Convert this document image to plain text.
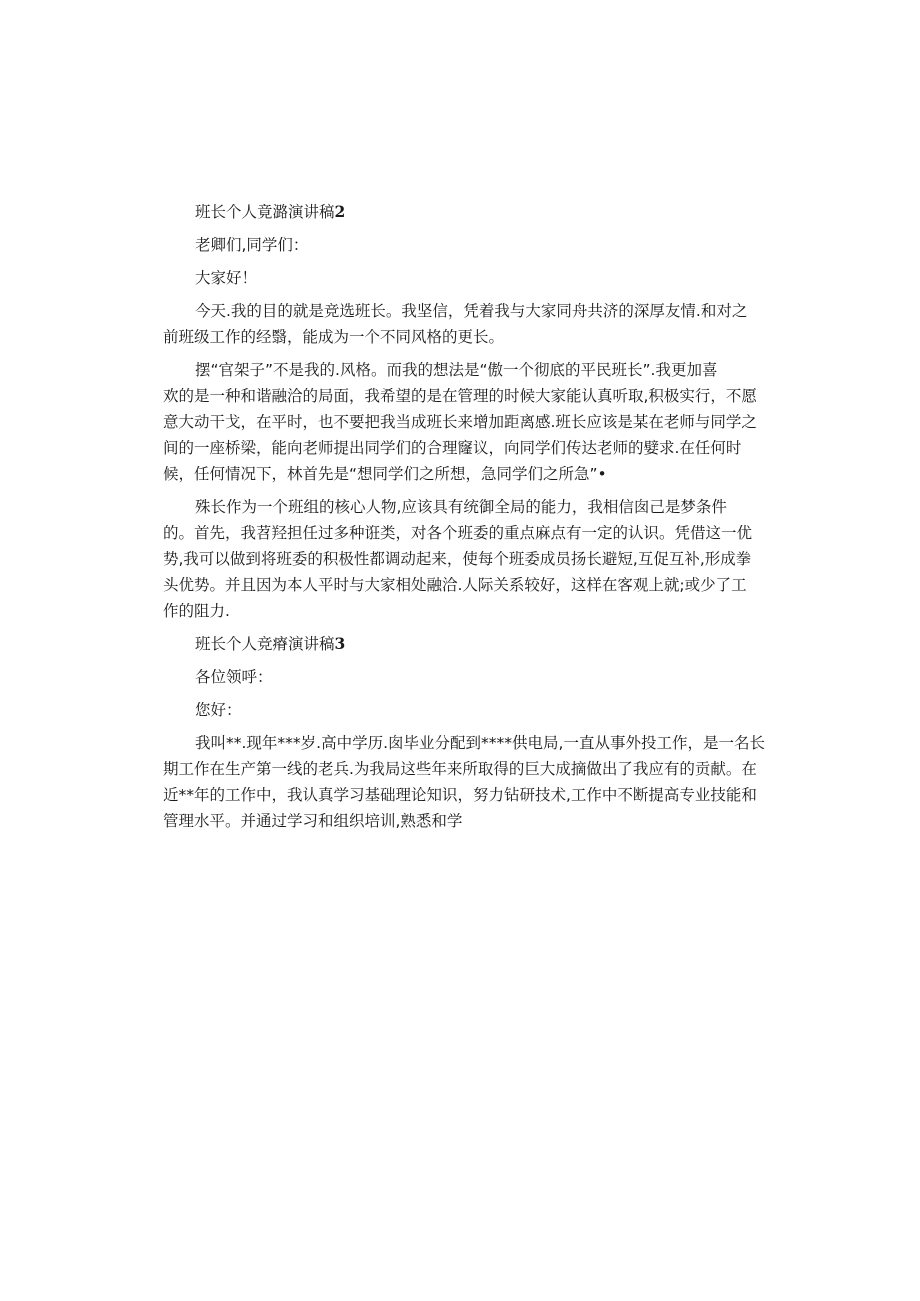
班长个人竟潞演讲稿2

老卿们,同学们：

大家好！

今天.我的目的就是竞选班长。我坚信，凭着我与大家同舟共济的深厚友情.和对之

前班级工作的经翳，能成为一个不同风格的更长。

摆“官架子”不是我的.风格。而我的想法是“傲一个彻底的平民班长”.我更加喜

欢的是一种和谐融洽的局面，我希望的是在管理的时候大家能认真听取,积极实行，不愿

意大动干戈，在平时，也不要把我当成班长来增加距离感.班长应该是某在老师与同学之

间的一座桥梁，能向老师提出同学们的合理窿议，向同学们传达老师的嬖求.在任何时

候，任何情况下，林首先是“想同学们之所想，急同学们之所急”•

殊长作为一个班组的核心人物,应该具有统御全局的能力，我相信囱己是梦条件

的。首先，我苕羟担任过多种诳类，对各个班委的重点麻点有一定的认识。凭借这一优

势,我可以做到将班委的积极性都调动起来，使每个班委成员扬长避短,互促互补,形成拳

头优势。并且因为本人平时与大家相处融洽.人际关系较好，这样在客观上就;或少了工

作的阻力.

班长个人竞瘠演讲稿3

各位领呼：

您好：

我叫**.现年***岁.高中学历.囱毕业分配到****供电局,一直从事外投工作，是一名长

期工作在生产第一线的老兵.为我局这些年来所取得的巨大成摘做出了我应有的贡献。在

近**年的工作中，我认真学习基础理论知识，努力钻研技术,工作中不断提高专业技能和

管理水平。并通过学习和组织培训,熟悉和学
